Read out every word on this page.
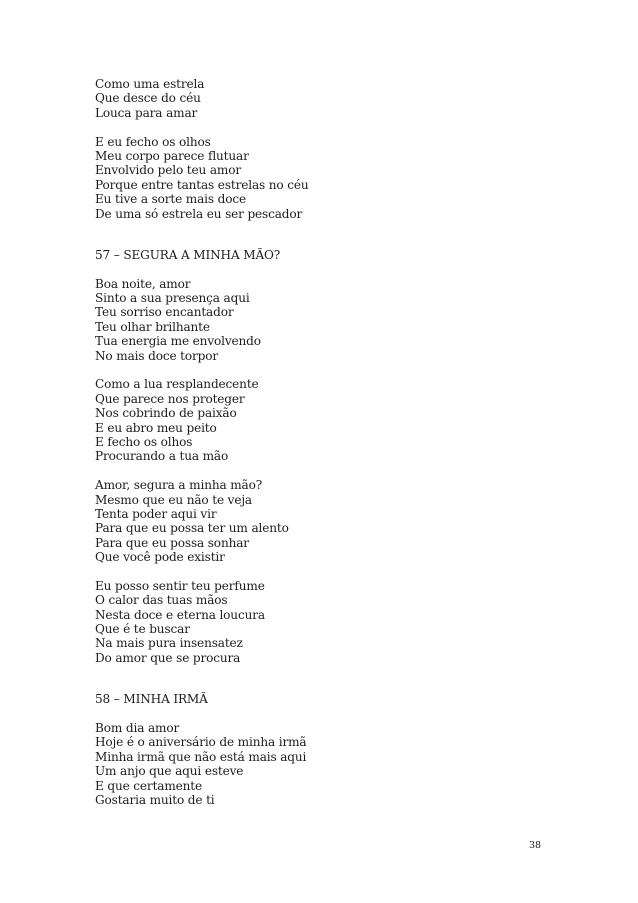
Como uma estrela
Que desce do céu
Louca para amar
E eu fecho os olhos
Meu corpo parece flutuar
Envolvido pelo teu amor
Porque entre tantas estrelas no céu
Eu tive a sorte mais doce
De uma só estrela eu ser pescador
57 – SEGURA A MINHA MÃO?
Boa noite, amor
Sinto a sua presença aqui
Teu sorriso encantador
Teu olhar brilhante
Tua energia me envolvendo
No mais doce torpor
Como a lua resplandecente
Que parece nos proteger
Nos cobrindo de paixão
E eu abro meu peito
E fecho os olhos
Procurando a tua mão
Amor, segura a minha mão?
Mesmo que eu não te veja
Tenta poder aqui vir
Para que eu possa ter um alento
Para que eu possa sonhar
Que você pode existir
Eu posso sentir teu perfume
O calor das tuas mãos
Nesta doce e eterna loucura
Que é te buscar
Na mais pura insensatez
Do amor que se procura
58 – MINHA IRMÃ
Bom dia amor
Hoje é o aniversário de minha irmã
Minha irmã que não está mais aqui
Um anjo que aqui esteve
E que certamente
Gostaria muito de ti
38
